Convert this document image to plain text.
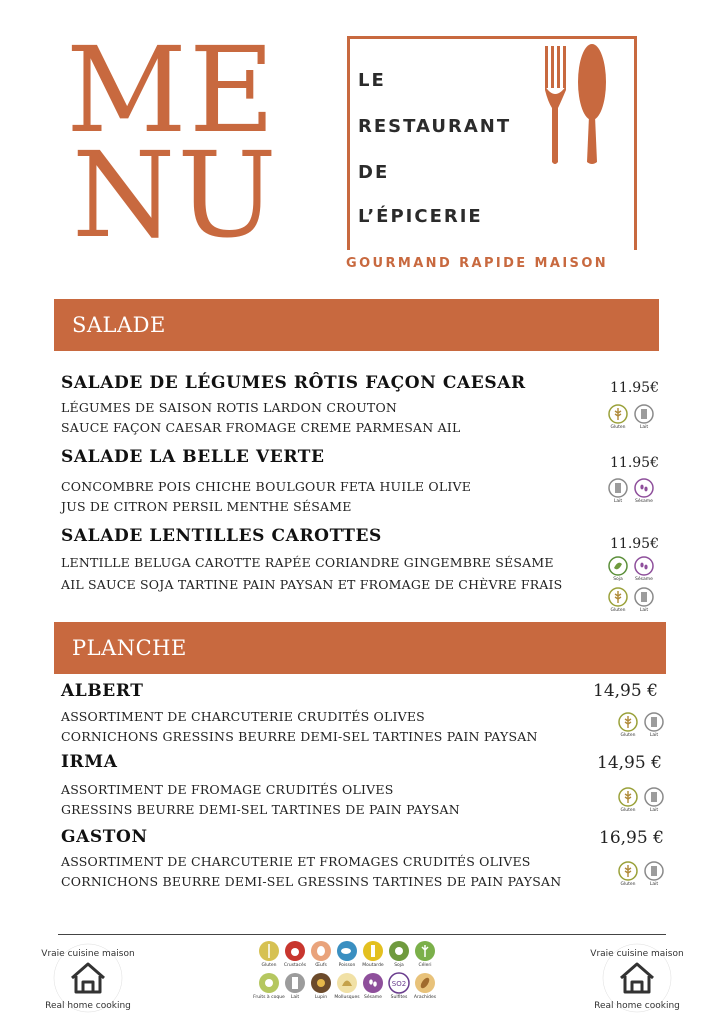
ME
NU
LE
RESTAURANT
DE
L’ÉPICERIE
GOURMAND RAPIDE MAISON
SALADE
SALADE DE LÉGUMES RÔTIS FAÇON CAESAR
LÉGUMES DE SAISON ROTIS LARDON CROUTON
SAUCE FAÇON CAESAR FROMAGE CREME PARMESAN AIL
11.95€
Gluten	Lait
SALADE LA BELLE VERTE
CONCOMBRE POIS CHICHE BOULGOUR FETA HUILE OLIVE
JUS DE CITRON PERSIL MENTHE SÉSAME
11.95€
Lait	Sésame
SALADE LENTILLES CAROTTES
LENTILLE BELUGA CAROTTE RAPÉE CORIANDRE GINGEMBRE SÉSAME
AIL SAUCE SOJA TARTINE PAIN PAYSAN ET FROMAGE DE CHÈVRE FRAIS
11.95€
Soja	Sésame
Gluten	Lait
PLANCHE
ALBERT
ASSORTIMENT DE CHARCUTERIE CRUDITÉS OLIVES
CORNICHONS GRESSINS BEURRE DEMI-SEL TARTINES PAIN PAYSAN
14,95 €
Gluten	Lait
IRMA
ASSORTIMENT DE FROMAGE CRUDITÉS OLIVES
GRESSINS BEURRE DEMI-SEL TARTINES DE PAIN PAYSAN
14,95 €
Gluten	Lait
GASTON
ASSORTIMENT DE CHARCUTERIE ET FROMAGES CRUDITÉS OLIVES
CORNICHONS BEURRE DEMI-SEL GRESSINS TARTINES DE PAIN PAYSAN
16,95 €
Gluten	Lait
Vraie cuisine maison
Real home cooking
Vraie cuisine maison
Real home cooking
Gluten Crustacés Œufs	Poisson Moutarde Soja	Céleri
Fruits à coque Lait	Lupin Mollusques Sésame
SO2
Sulfites Arachides
